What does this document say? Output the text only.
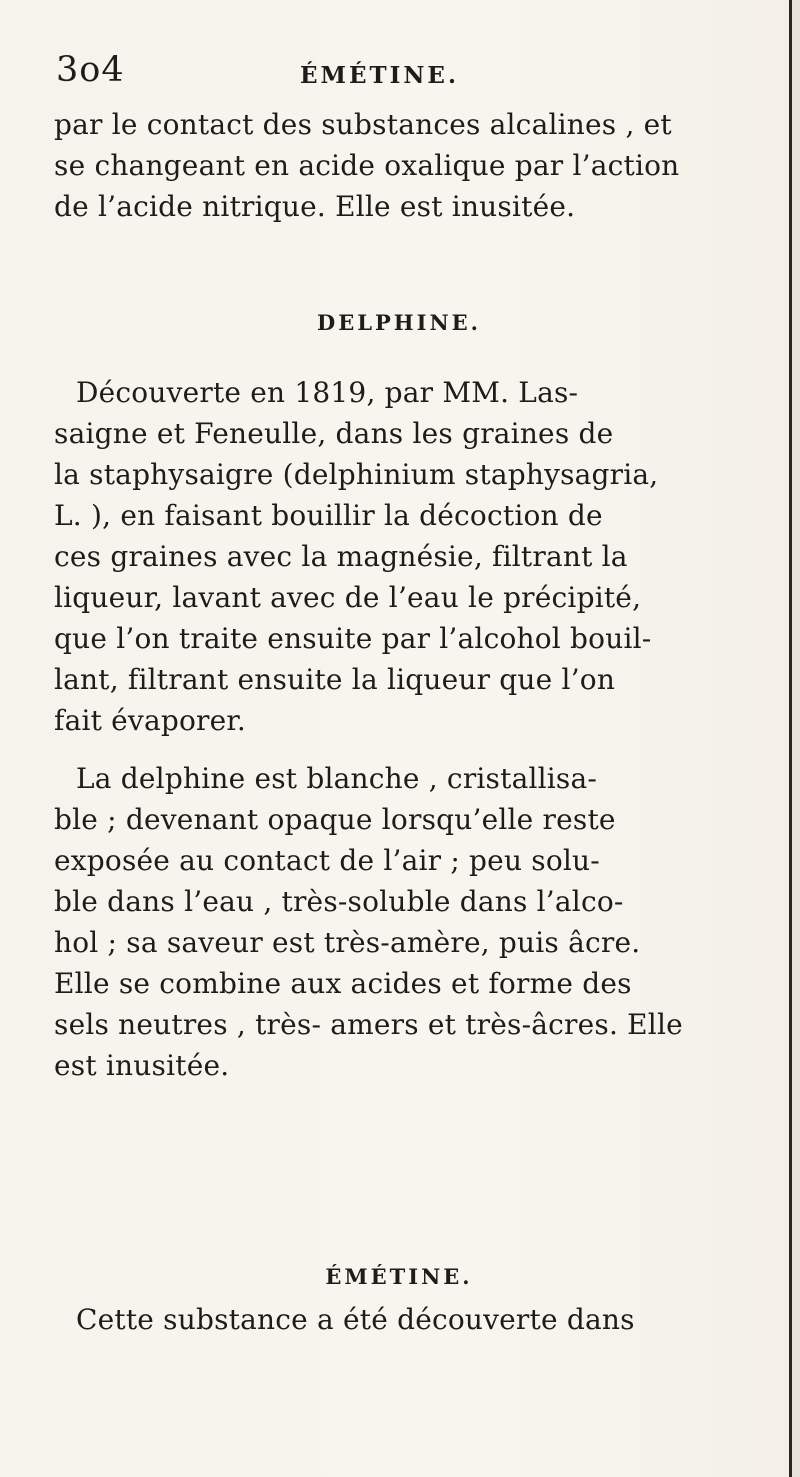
3o4	ÉMÉTINE.
par le contact des substances alcalines , et
se changeant en acide oxalique par l’action
de l’acide nitrique. Elle est inusitée.
DELPHINE.
Découverte en 1819, par MM. Las-
saigne et Feneulle, dans les graines de
la staphysaigre (delphinium staphysagria,
L. ), en faisant bouillir la décoction de
ces graines avec la magnésie, filtrant la
liqueur, lavant avec de l’eau le précipité,
que l’on traite ensuite par l’alcohol bouil-
lant, filtrant ensuite la liqueur que l’on
fait évaporer.
La delphine est blanche , cristallisa-
ble ; devenant opaque lorsqu’elle reste
exposée au contact de l’air ; peu solu-
ble dans l’eau , très-soluble dans l’alco-
hol ; sa saveur est très-amère, puis âcre.
Elle se combine aux acides et forme des
sels neutres , très- amers et très-âcres. Elle
est inusitée.
ÉMÉTINE.
Cette substance a été découverte dans
